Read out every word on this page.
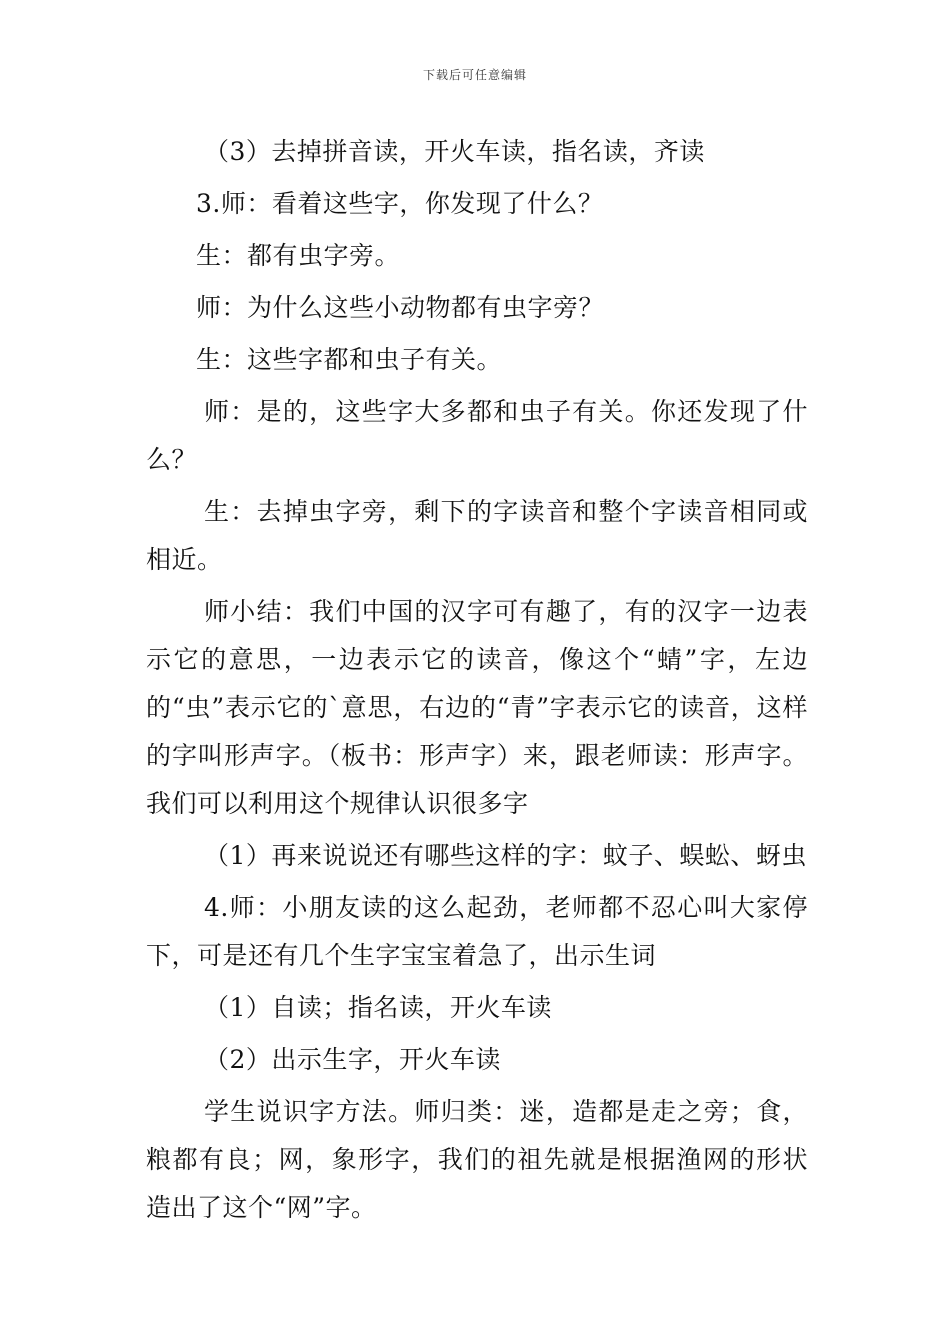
下载后可任意编辑

（3）去掉拼音读，开火车读，指名读，齐读

3.师：看着这些字，你发现了什么？

生：都有虫字旁。

师：为什么这些小动物都有虫字旁？

生：这些字都和虫子有关。

师：是的，这些字大多都和虫子有关。你还发现了什么？

生：去掉虫字旁，剩下的字读音和整个字读音相同或相近。

师小结：我们中国的汉字可有趣了，有的汉字一边表示它的意思，一边表示它的读音，像这个“蜻”字，左边的“虫”表示它的`意思，右边的“青”字表示它的读音，这样的字叫形声字。（板书：形声字）来，跟老师读：形声字。我们可以利用这个规律认识很多字

（1）再来说说还有哪些这样的字：蚊子、蜈蚣、蚜虫

4.师：小朋友读的这么起劲，老师都不忍心叫大家停下，可是还有几个生字宝宝着急了，出示生词

（1）自读；指名读，开火车读

（2）出示生字，开火车读

学生说识字方法。师归类：迷，造都是走之旁；食，粮都有良；网，象形字，我们的祖先就是根据渔网的形状造出了这个“网”字。
